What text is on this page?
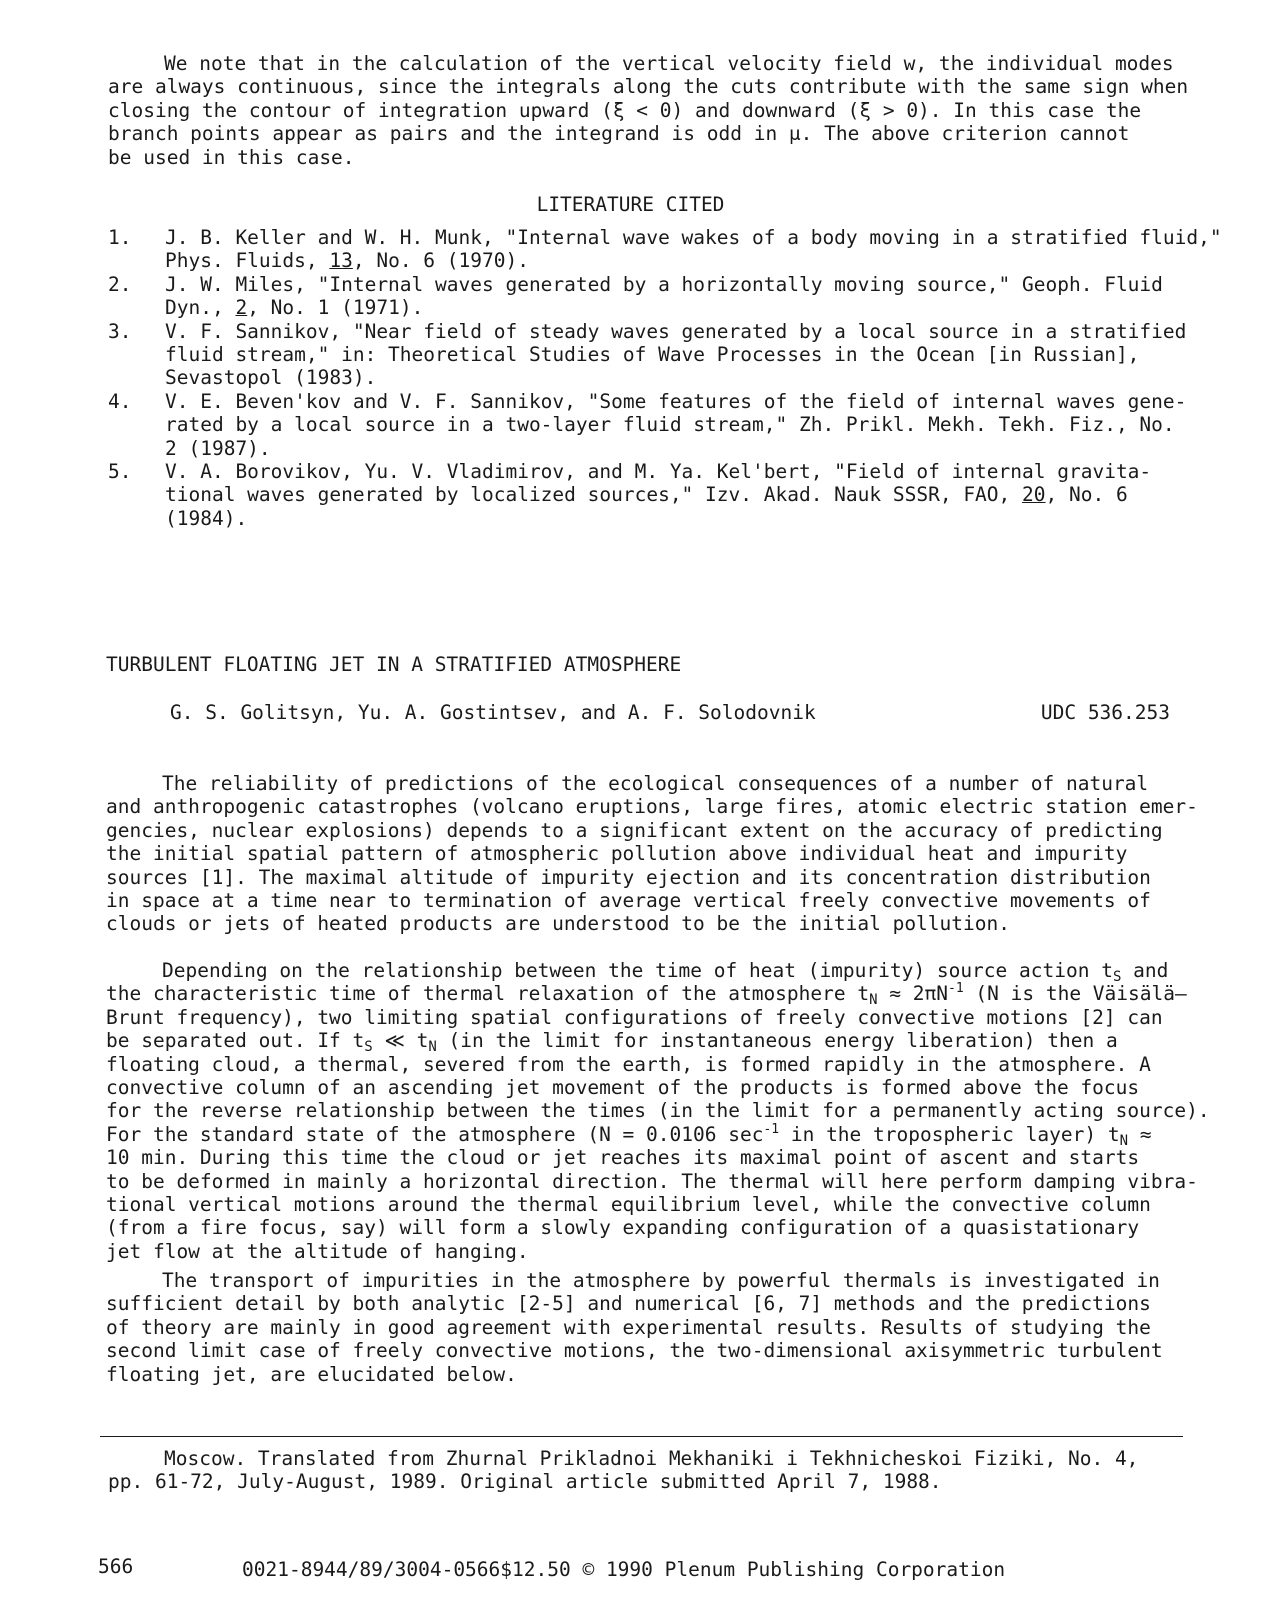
We note that in the calculation of the vertical velocity field w, the individual modes
are always continuous, since the integrals along the cuts contribute with the same sign when
closing the contour of integration upward (ξ < 0) and downward (ξ > 0). In this case the
branch points appear as pairs and the integrand is odd in μ. The above criterion cannot
be used in this case.
LITERATURE CITED
1.	J. B. Keller and W. H. Munk, "Internal wave wakes of a body moving in a stratified fluid,"
Phys. Fluids, 13, No. 6 (1970).
2.	J. W. Miles, "Internal waves generated by a horizontally moving source," Geoph. Fluid
Dyn., 2, No. 1 (1971).
3.	V. F. Sannikov, "Near field of steady waves generated by a local source in a stratified
fluid stream," in: Theoretical Studies of Wave Processes in the Ocean [in Russian],
Sevastopol (1983).
4.	V. E. Beven'kov and V. F. Sannikov, "Some features of the field of internal waves gene-
rated by a local source in a two-layer fluid stream," Zh. Prikl. Mekh. Tekh. Fiz., No.
2 (1987).
5.	V. A. Borovikov, Yu. V. Vladimirov, and M. Ya. Kel'bert, "Field of internal gravita-
tional waves generated by localized sources," Izv. Akad. Nauk SSSR, FAO, 20, No. 6
(1984).
TURBULENT FLOATING JET IN A STRATIFIED ATMOSPHERE
G. S. Golitsyn, Yu. A. Gostintsev, and A. F. Solodovnik	UDC 536.253
The reliability of predictions of the ecological consequences of a number of natural
and anthropogenic catastrophes (volcano eruptions, large fires, atomic electric station emer-
gencies, nuclear explosions) depends to a significant extent on the accuracy of predicting
the initial spatial pattern of atmospheric pollution above individual heat and impurity
sources [1]. The maximal altitude of impurity ejection and its concentration distribution
in space at a time near to termination of average vertical freely convective movements of
clouds or jets of heated products are understood to be the initial pollution.
Depending on the relationship between the time of heat (impurity) source action $t_S$ and
the characteristic time of thermal relaxation of the atmosphere $t_N \approx 2\pi N^{-1}$ (N is the Väisälä–
Brunt frequency), two limiting spatial configurations of freely convective motions [2] can
be separated out. If $t_S$ ≪ $t_N$ (in the limit for instantaneous energy liberation) then a
floating cloud, a thermal, severed from the earth, is formed rapidly in the atmosphere. A
convective column of an ascending jet movement of the products is formed above the focus
for the reverse relationship between the times (in the limit for a permanently acting source).
For the standard state of the atmosphere (N = 0.0106 $\sec^{-1}$ in the tropospheric layer) $t_N$ ≈
10 min. During this time the cloud or jet reaches its maximal point of ascent and starts
to be deformed in mainly a horizontal direction. The thermal will here perform damping vibra-
tional vertical motions around the thermal equilibrium level, while the convective column
(from a fire focus, say) will form a slowly expanding configuration of a quasistationary
jet flow at the altitude of hanging.
The transport of impurities in the atmosphere by powerful thermals is investigated in
sufficient detail by both analytic [2-5] and numerical [6, 7] methods and the predictions
of theory are mainly in good agreement with experimental results. Results of studying the
second limit case of freely convective motions, the two-dimensional axisymmetric turbulent
floating jet, are elucidated below.
Moscow. Translated from Zhurnal Prikladnoi Mekhaniki i Tekhnicheskoi Fiziki, No. 4,
pp. 61-72, July-August, 1989. Original article submitted April 7, 1988.
566	0021-8944/89/3004-0566$12.50 © 1990 Plenum Publishing Corporation
